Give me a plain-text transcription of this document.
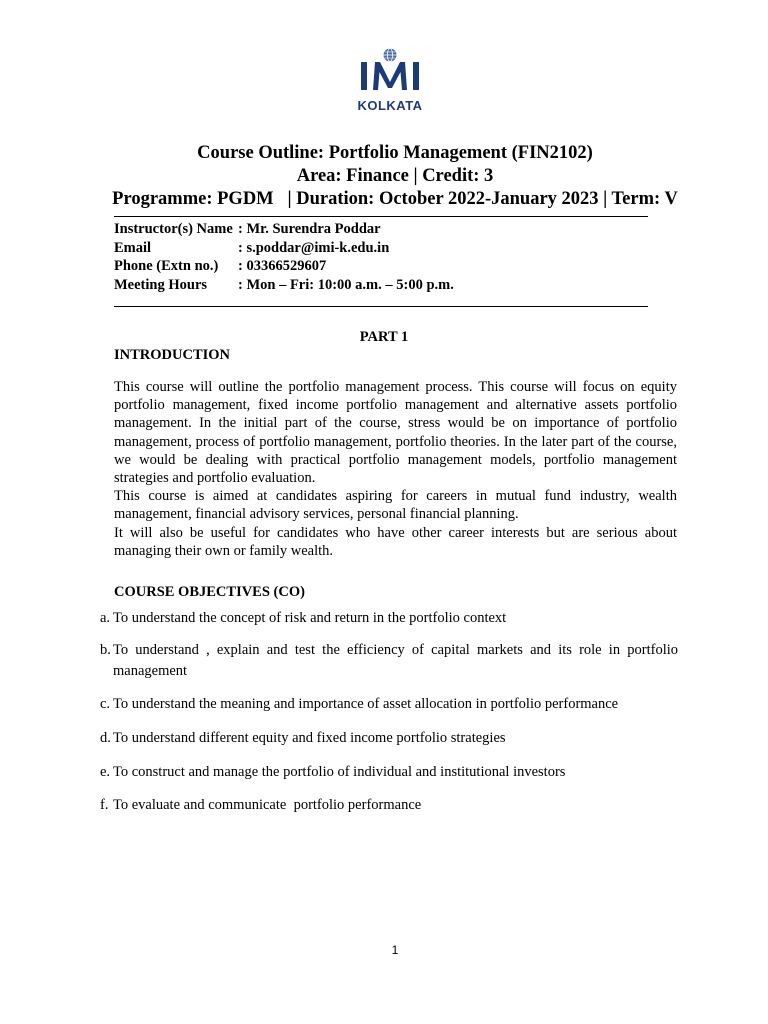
KOLKATA
Course Outline: Portfolio Management (FIN2102)
Area: Finance | Credit: 3
Programme: PGDM   | Duration: October 2022-January 2023 | Term: V
Instructor(s) Name : Mr. Surendra Poddar
Email	: s.poddar@imi-k.edu.in
Phone (Extn no.)	: 03366529607
Meeting Hours	: Mon – Fri: 10:00 a.m. – 5:00 p.m.
PART 1
INTRODUCTION

This course will outline the portfolio management process. This course will focus on equity portfolio management, fixed income portfolio management and alternative assets portfolio management. In the initial part of the course, stress would be on importance of portfolio management, process of portfolio management, portfolio theories. In the later part of the course, we would be dealing with practical portfolio management models, portfolio management strategies and portfolio evaluation.

This course is aimed at candidates aspiring for careers in mutual fund industry, wealth management, financial advisory services, personal financial planning.

It will also be useful for candidates who have other career interests but are serious about managing their own or family wealth.

COURSE OBJECTIVES (CO)
a. To understand the concept of risk and return in the portfolio context
b. To understand , explain and test the efficiency of capital markets and its role in portfolio management
c. To understand the meaning and importance of asset allocation in portfolio performance
d. To understand different equity and fixed income portfolio strategies
e. To construct and manage the portfolio of individual and institutional investors
f. To evaluate and communicate  portfolio performance
1
